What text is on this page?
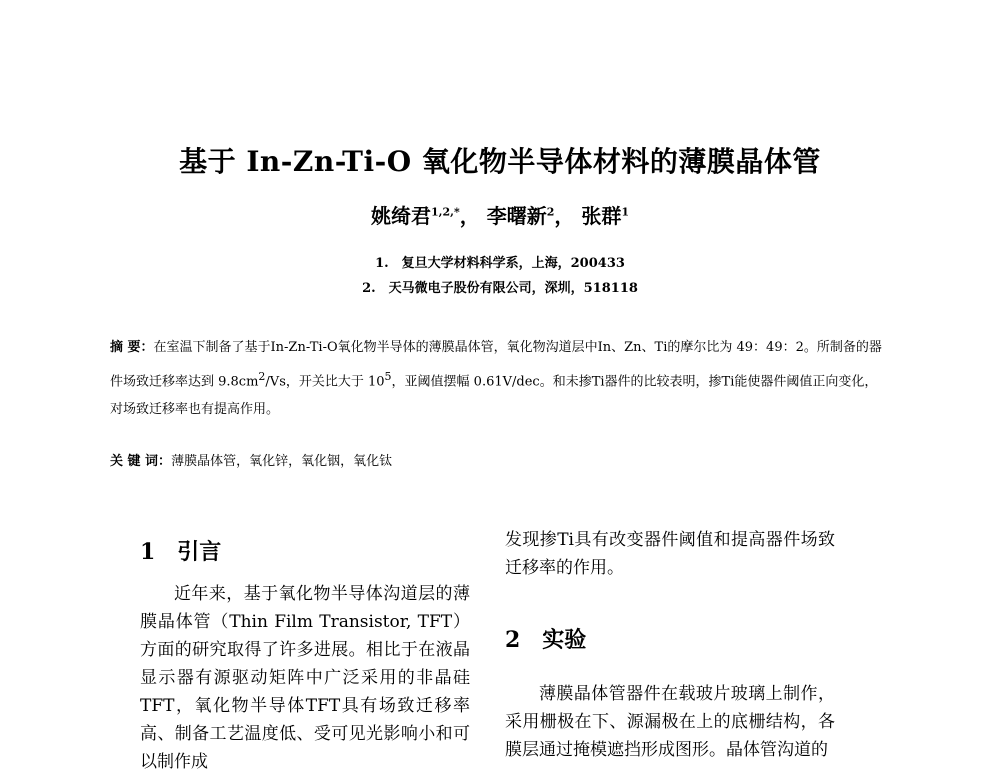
基于 In-Zn-Ti-O 氧化物半导体材料的薄膜晶体管
姚绮君$^{1,2,*}$， 李曙新$^2$， 张群$^1$
1.　复旦大学材料科学系，上海，200433
2.　天马微电子股份有限公司，深圳，518118
摘 要：在室温下制备了基于In-Zn-Ti-O氧化物半导体的薄膜晶体管，氧化物沟道层中In、Zn、Ti的摩尔比为 49：49：2。所制备的器件场致迁移率达到 $9.8cm^2/Vs$，开关比大于 $10^5$，亚阈值摆幅 0.61V/dec。和未掺Ti器件的比较表明，掺Ti能使器件阈值正向变化，对场致迁移率也有提高作用。
关 键 词：薄膜晶体管，氧化锌，氧化铟，氧化钛
1　引言

近年来，基于氧化物半导体沟道层的薄膜晶体管（Thin Film Transistor, TFT）方面的研究取得了许多进展。相比于在液晶显示器有源驱动矩阵中广泛采用的非晶硅TFT，氧化物半导体TFT具有场致迁移率高、制备工艺温度低、受可见光影响小和可以制作成

发现掺Ti具有改变器件阈值和提高器件场致迁移率的作用。

2　实验

薄膜晶体管器件在载玻片玻璃上制作，采用栅极在下、源漏极在上的底栅结构，各膜层通过掩模遮挡形成图形。晶体管沟道的
